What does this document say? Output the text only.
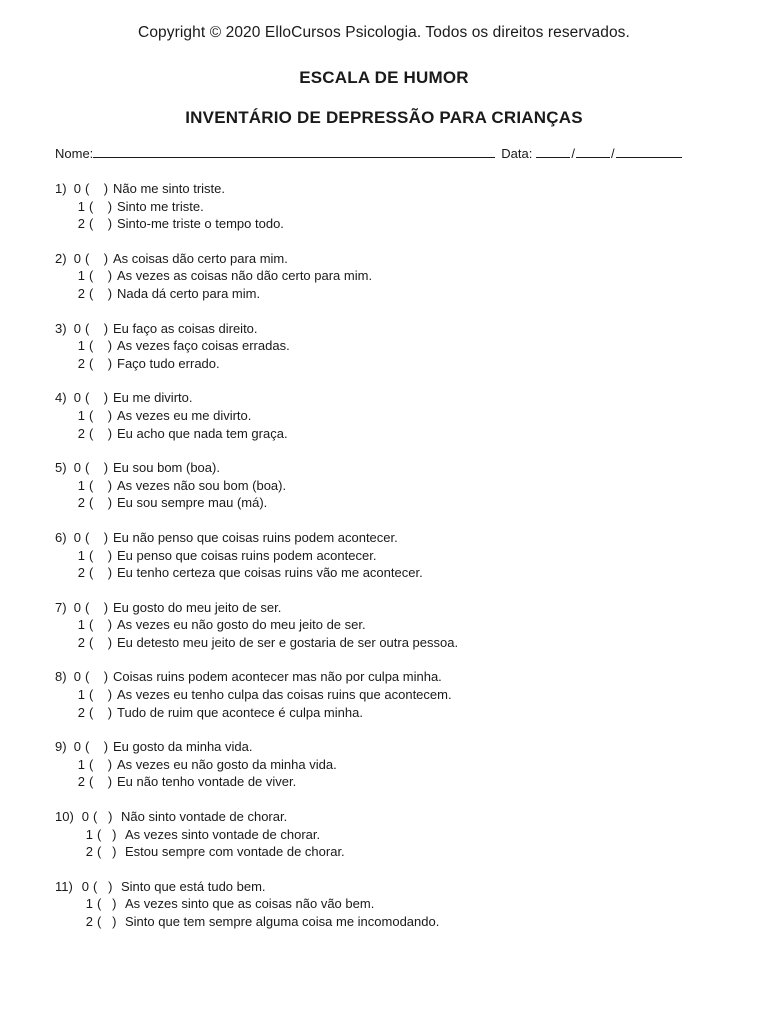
Copyright © 2020 ElloCursos Psicologia. Todos os direitos reservados.
ESCALA DE HUMOR
INVENTÁRIO DE DEPRESSÃO PARA CRIANÇAS
Nome:	Data:	/	/
1) 0 (    ) Não me sinto triste.
1 (    ) Sinto me triste.
2 (    ) Sinto-me triste o tempo todo.
2) 0 (    ) As coisas dão certo para mim.
1 (    ) As vezes as coisas não dão certo para mim.
2 (    ) Nada dá certo para mim.
3) 0 (    ) Eu faço as coisas direito.
1 (    ) As vezes faço coisas erradas.
2 (    ) Faço tudo errado.
4) 0 (    ) Eu me divirto.
1 (    ) As vezes eu me divirto.
2 (    ) Eu acho que nada tem graça.
5) 0 (    ) Eu sou bom (boa).
1 (    ) As vezes não sou bom (boa).
2 (    ) Eu sou sempre mau (má).
6) 0 (    ) Eu não penso que coisas ruins podem acontecer.
1 (    ) Eu penso que coisas ruins podem acontecer.
2 (    ) Eu tenho certeza que coisas ruins vão me acontecer.
7) 0 (    ) Eu gosto do meu jeito de ser.
1 (    ) As vezes eu não gosto do meu jeito de ser.
2 (    ) Eu detesto meu jeito de ser e gostaria de ser outra pessoa.
8) 0 (    ) Coisas ruins podem acontecer mas não por culpa minha.
1 (    ) As vezes eu tenho culpa das coisas ruins que acontecem.
2 (    ) Tudo de ruim que acontece é culpa minha.
9) 0 (    ) Eu gosto da minha vida.
1 (    ) As vezes eu não gosto da minha vida.
2 (    ) Eu não tenho vontade de viver.
10) 0 (   ) Não sinto vontade de chorar.
1 (   ) As vezes sinto vontade de chorar.
2 (   ) Estou sempre com vontade de chorar.
11) 0 (   ) Sinto que está tudo bem.
1 (   ) As vezes sinto que as coisas não vão bem.
2 (   ) Sinto que tem sempre alguma coisa me incomodando.
